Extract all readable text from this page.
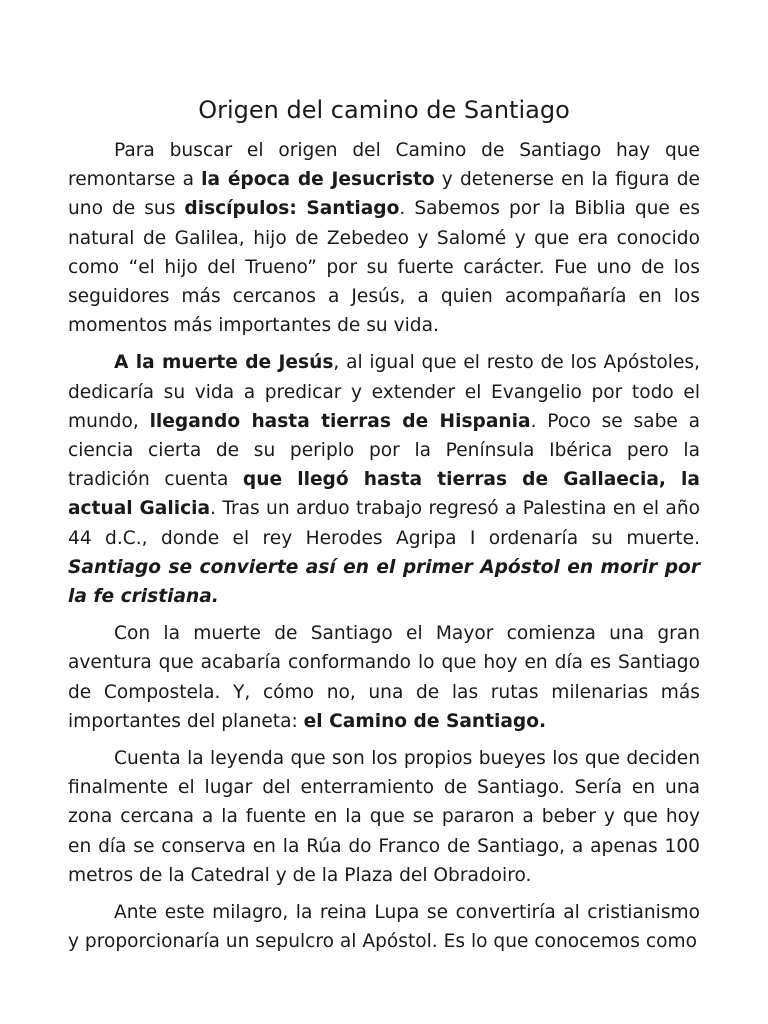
Origen del camino de Santiago

Para buscar el origen del Camino de Santiago hay que remontarse a la época de Jesucristo y detenerse en la figura de uno de sus discípulos: Santiago. Sabemos por la Biblia que es natural de Galilea, hijo de Zebedeo y Salomé y que era conocido como “el hijo del Trueno” por su fuerte carácter. Fue uno de los seguidores más cercanos a Jesús, a quien acompañaría en los momentos más importantes de su vida.

A la muerte de Jesús, al igual que el resto de los Apóstoles, dedicaría su vida a predicar y extender el Evangelio por todo el mundo, llegando hasta tierras de Hispania. Poco se sabe a ciencia cierta de su periplo por la Península Ibérica pero la tradición cuenta que llegó hasta tierras de Gallaecia, la actual Galicia. Tras un arduo trabajo regresó a Palestina en el año 44 d.C., donde el rey Herodes Agripa I ordenaría su muerte. Santiago se convierte así en el primer Apóstol en morir por la fe cristiana.

Con la muerte de Santiago el Mayor comienza una gran aventura que acabaría conformando lo que hoy en día es Santiago de Compostela. Y, cómo no, una de las rutas milenarias más importantes del planeta: el Camino de Santiago.

Cuenta la leyenda que son los propios bueyes los que deciden finalmente el lugar del enterramiento de Santiago. Sería en una zona cercana a la fuente en la que se pararon a beber y que hoy en día se conserva en la Rúa do Franco de Santiago, a apenas 100 metros de la Catedral y de la Plaza del Obradoiro.

Ante este milagro, la reina Lupa se convertiría al cristianismo y proporcionaría un sepulcro al Apóstol. Es lo que conocemos como
